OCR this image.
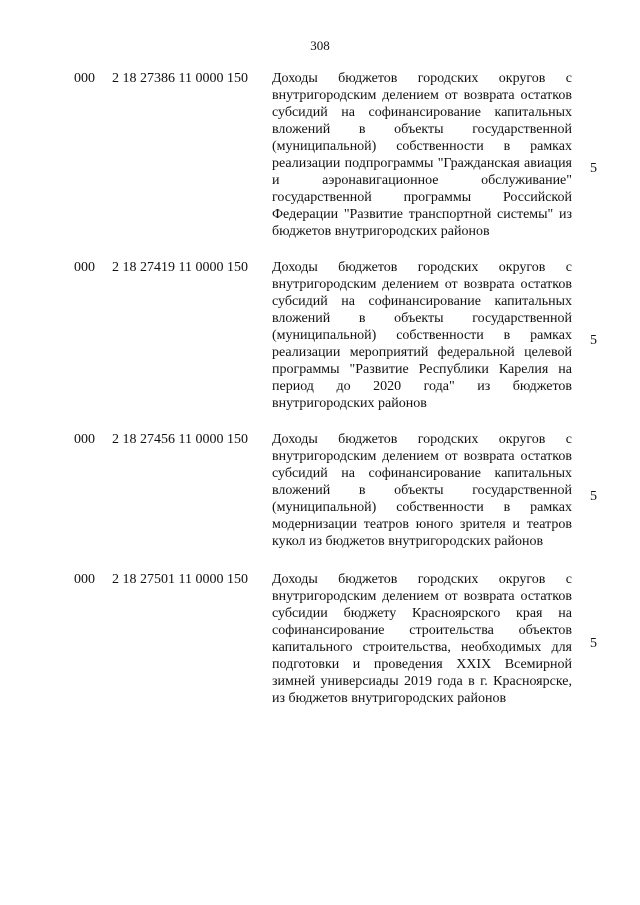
308
000	2 18 27386 11 0000 150	Доходы бюджетов городских округов с внутригородским делением от возврата остатков субсидий на софинансирование капитальных вложений в объекты государственной (муниципальной) собственности в рамках реализации подпрограммы "Гражданская авиация и аэронавигационное обслуживание" государственной программы Российской Федерации "Развитие транспортной системы" из бюджетов внутригородских районов
5
000	2 18 27419 11 0000 150	Доходы бюджетов городских округов с внутригородским делением от возврата остатков субсидий на софинансирование капитальных вложений в объекты государственной (муниципальной) собственности в рамках реализации мероприятий федеральной целевой программы "Развитие Республики Карелия на период до 2020 года" из бюджетов внутригородских районов
5
000	2 18 27456 11 0000 150	Доходы бюджетов городских округов с внутригородским делением от возврата остатков субсидий на софинансирование капитальных вложений в объекты государственной (муниципальной) собственности в рамках модернизации театров юного зрителя и театров кукол из бюджетов внутригородских районов
5
000	2 18 27501 11 0000 150	Доходы бюджетов городских округов с внутригородским делением от возврата остатков субсидии бюджету Красноярского края на софинансирование строительства объектов капитального строительства, необходимых для подготовки и проведения XXIX Всемирной зимней универсиады 2019 года в г. Красноярске, из бюджетов внутригородских районов
5
